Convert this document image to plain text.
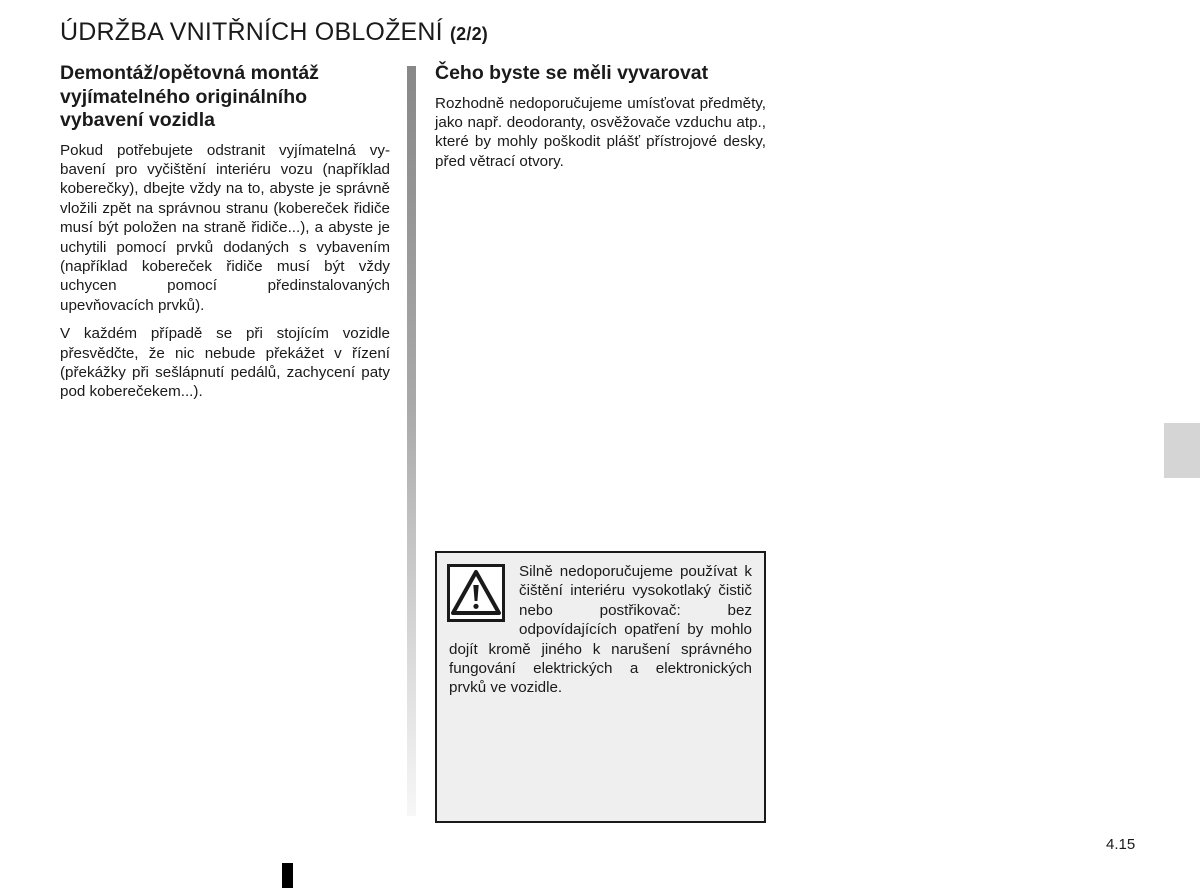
ÚDRŽBA VNITŘNÍCH OBLOŽENÍ (2/2)
Demontáž/opětovná montáž vyjímatelného originálního vybavení vozidla

Pokud potřebujete odstranit vyjímatelná vybavení pro vyčištění interiéru vozu (například koberečky), dbejte vždy na to, abyste je správně vložili zpět na správnou stranu (kobereček řidiče musí být položen na straně řidiče...), a abyste je uchytili pomocí prvků dodaných s vybavením (například kobereček řidiče musí být vždy uchycen pomocí předinstalovaných upevňovacích prvků).

V každém případě se při stojícím vozidle přesvědčte, že nic nebude překážet v řízení (překážky při sešlápnutí pedálů, zachycení paty pod koberečekem...).

Čeho byste se měli vyvarovat

Rozhodně nedoporučujeme umísťovat předměty, jako např. deodoranty, osvěžovače vzduchu atp., které by mohly poškodit plášť přístrojové desky, před větrací otvory.

Silně nedoporučujeme používat k čištění interiéru vysokotlaký čistič nebo postřikovač: bez odpovídajících opatření by mohlo dojít kromě jiného k narušení správného fungování elektrických a elektronických prvků ve vozidle.

4.15
